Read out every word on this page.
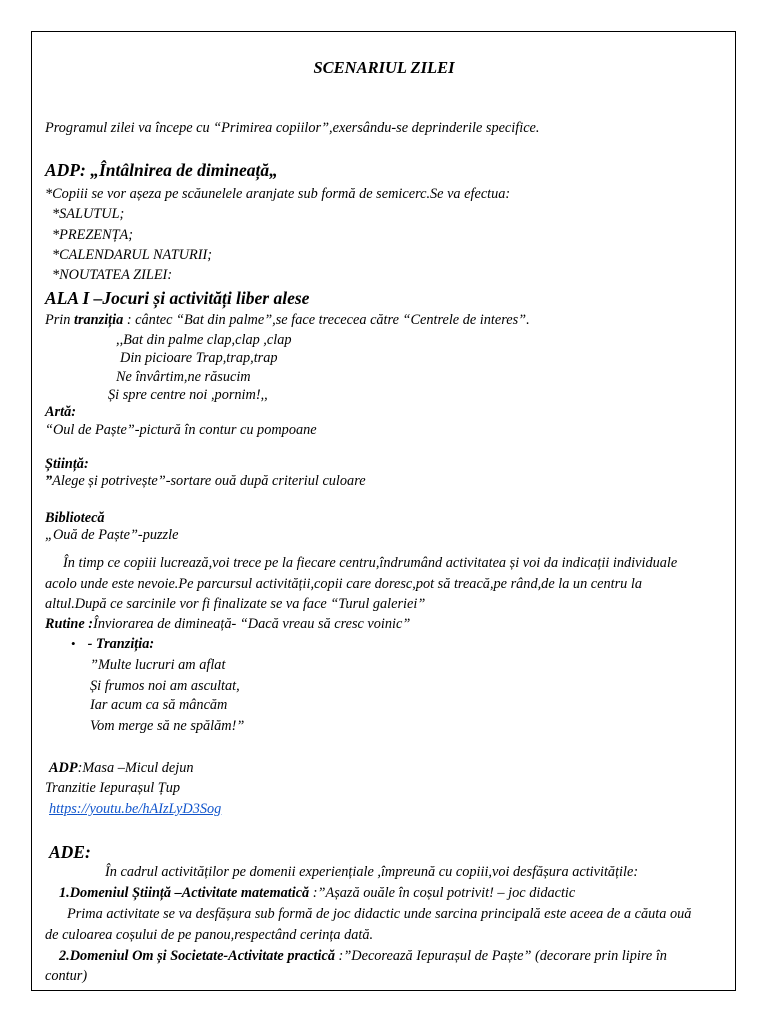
SCENARIUL ZILEI
Programul zilei va începe cu “Primirea copiilor”,exersându-se deprinderile specifice.
ADP: „Întâlnirea de dimineață„
*Copiii se vor așeza pe scăunelele aranjate sub formă de semicerc.Se va efectua:
*SALUTUL;
*PREZENȚA;
*CALENDARUL NATURII;
*NOUTATEA ZILEI:
ALA I –Jocuri și activități liber alese
Prin tranziția : cântec “Bat din palme”,se face trececea către “Centrele de interes”.
,,Bat din palme clap,clap ,clap
Din picioare Trap,trap,trap
Ne învârtim,ne răsucim
Și spre centre noi ,pornim!,,
Artă:
“Oul de Paște”-pictură în contur cu pompoane
Știință:
”Alege și potrivește”-sortare ouă după criteriul culoare
Bibliotecă
„Ouă de Paște”-puzzle
În timp ce copiii lucrează,voi trece pe la fiecare centru,îndrumând activitatea și voi da indicații individuale
acolo unde este nevoie.Pe parcursul activității,copii care doresc,pot să treacă,pe rând,de la un centru la
altul.După ce sarcinile vor fi finalizate se va face “Turul galeriei”
Rutine :Înviorarea de dimineață- “Dacă vreau să cresc voinic”
• - Tranziția:
”Multe lucruri am aflat
Și frumos noi am ascultat,
Iar acum ca să mâncăm
Vom merge să ne spălăm!”
ADP:Masa –Micul dejun
Tranzitie Iepurașul Țup
https://youtu.be/hAIzLyD3Sog
ADE:
În cadrul activităților pe domenii experiențiale ,împreună cu copiii,voi desfășura activitățile:
1.Domeniul Știință –Activitate matematică :”Așază ouăle în coșul potrivit! – joc didactic
Prima activitate se va desfășura sub formă de joc didactic unde sarcina principală este aceea de a căuta ouă
de culoarea coșului de pe panou,respectând cerința dată.
2.Domeniul Om și Societate-Activitate practică :”Decorează Iepurașul de Paște” (decorare prin lipire în
contur)
